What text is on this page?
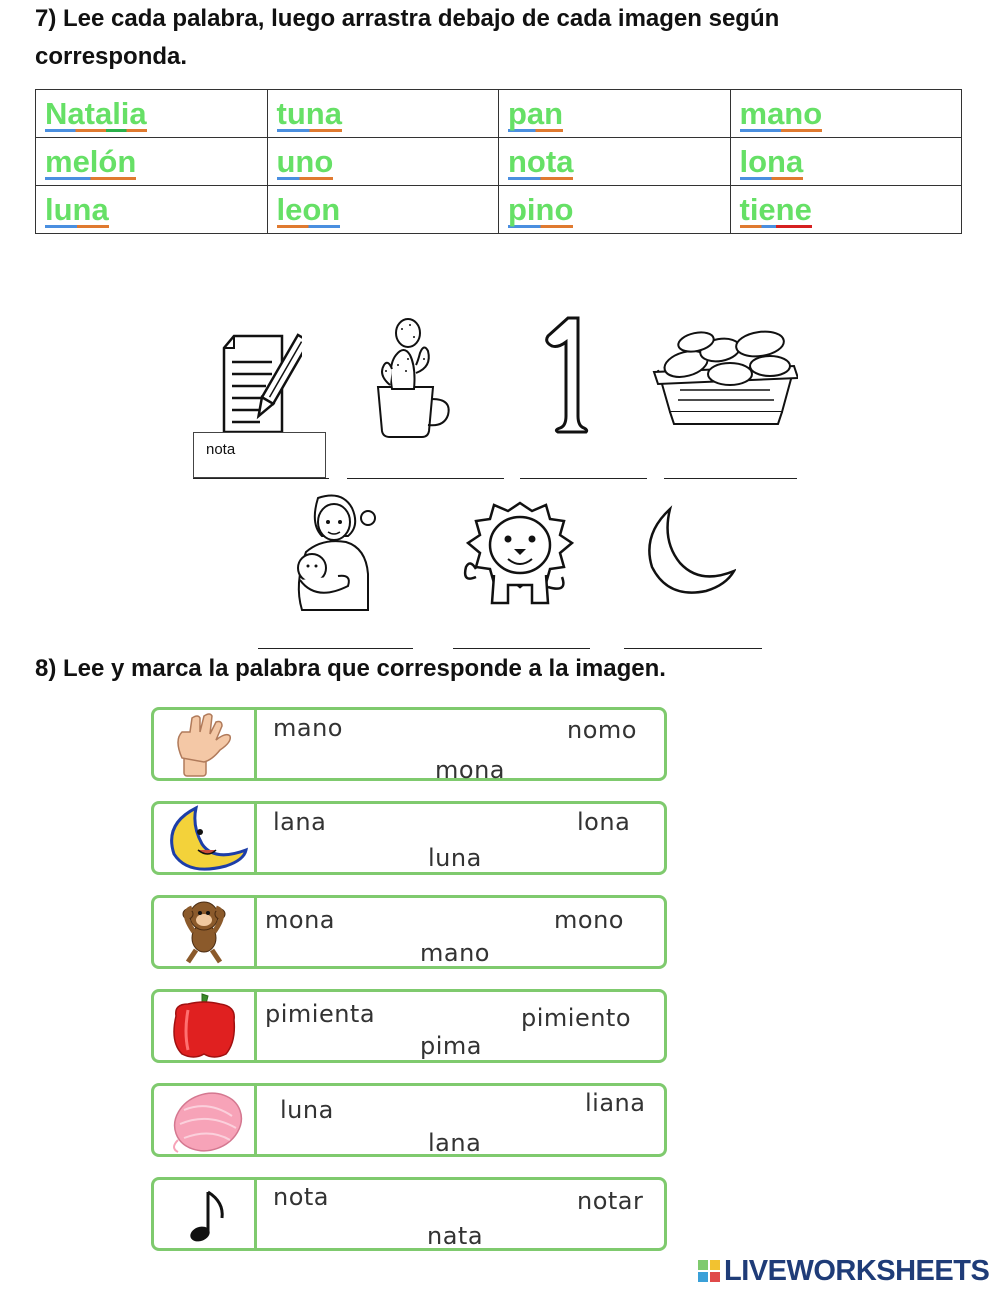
7) Lee cada palabra, luego arrastra debajo de cada imagen según
corresponda.
Natalia	tuna	pan	mano
melón	uno	nota	lona
luna	leon	pino	tiene
nota
8) Lee y marca la palabra que corresponde a la imagen.
mano	nomo
mona
lana	lona
luna
mona	mono
mano
pimienta	pimiento
pima
luna	liana
lana
nota	notar
nata
LIVEWORKSHEETS
